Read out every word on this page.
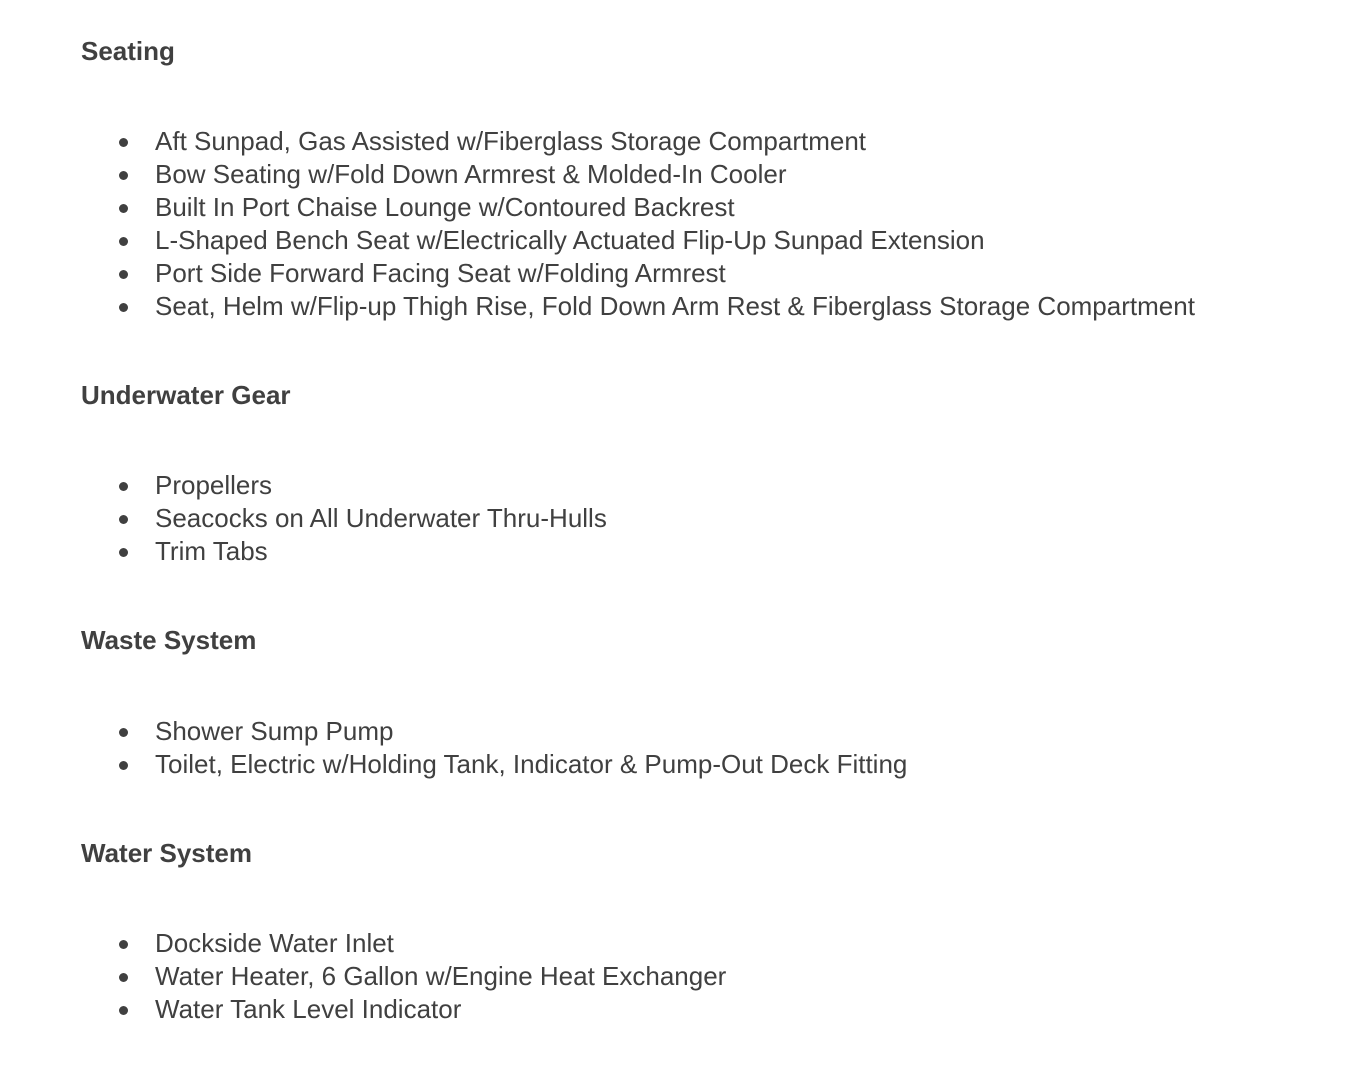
Seating
Aft Sunpad, Gas Assisted w/Fiberglass Storage Compartment
Bow Seating w/Fold Down Armrest & Molded-In Cooler
Built In Port Chaise Lounge w/Contoured Backrest
L-Shaped Bench Seat w/Electrically Actuated Flip-Up Sunpad Extension
Port Side Forward Facing Seat w/Folding Armrest
Seat, Helm w/Flip-up Thigh Rise, Fold Down Arm Rest & Fiberglass Storage Compartment
Underwater Gear
Propellers
Seacocks on All Underwater Thru-Hulls
Trim Tabs
Waste System
Shower Sump Pump
Toilet, Electric w/Holding Tank, Indicator & Pump-Out Deck Fitting
Water System
Dockside Water Inlet
Water Heater, 6 Gallon w/Engine Heat Exchanger
Water Tank Level Indicator
